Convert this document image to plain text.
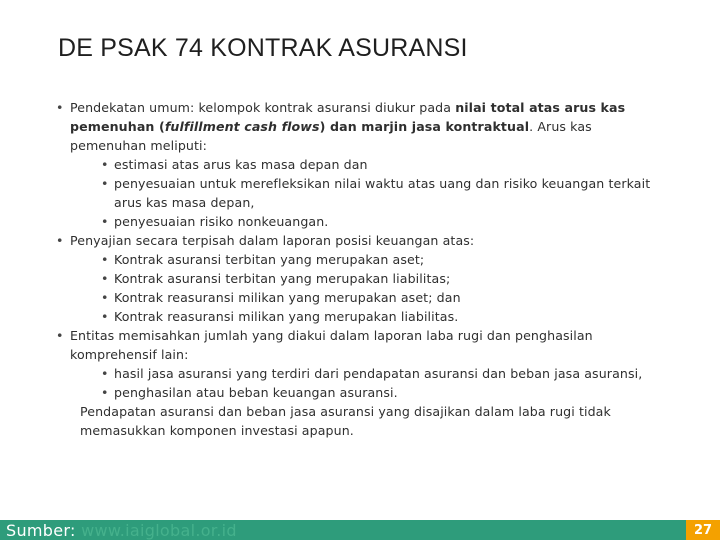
DE PSAK 74 KONTRAK ASURANSI
• Pendekatan umum: kelompok kontrak asuransi diukur pada nilai total atas arus kas pemenuhan (fulfillment cash flows) dan marjin jasa kontraktual. Arus kas pemenuhan meliputi:
• estimasi atas arus kas masa depan dan
• penyesuaian untuk merefleksikan nilai waktu atas uang dan risiko keuangan terkait arus kas masa depan,
• penyesuaian risiko nonkeuangan.
• Penyajian secara terpisah dalam laporan posisi keuangan atas:
• Kontrak asuransi terbitan yang merupakan aset;
• Kontrak asuransi terbitan yang merupakan liabilitas;
• Kontrak reasuransi milikan yang merupakan aset; dan
• Kontrak reasuransi milikan yang merupakan liabilitas.
• Entitas memisahkan jumlah yang diakui dalam laporan laba rugi dan penghasilan komprehensif lain:
• hasil jasa asuransi yang terdiri dari pendapatan asuransi dan beban jasa asuransi,
• penghasilan atau beban keuangan asuransi.
Pendapatan asuransi dan beban jasa asuransi yang disajikan dalam laba rugi tidak memasukkan komponen investasi apapun.
Sumber: www.iaiglobal.or.id	27
